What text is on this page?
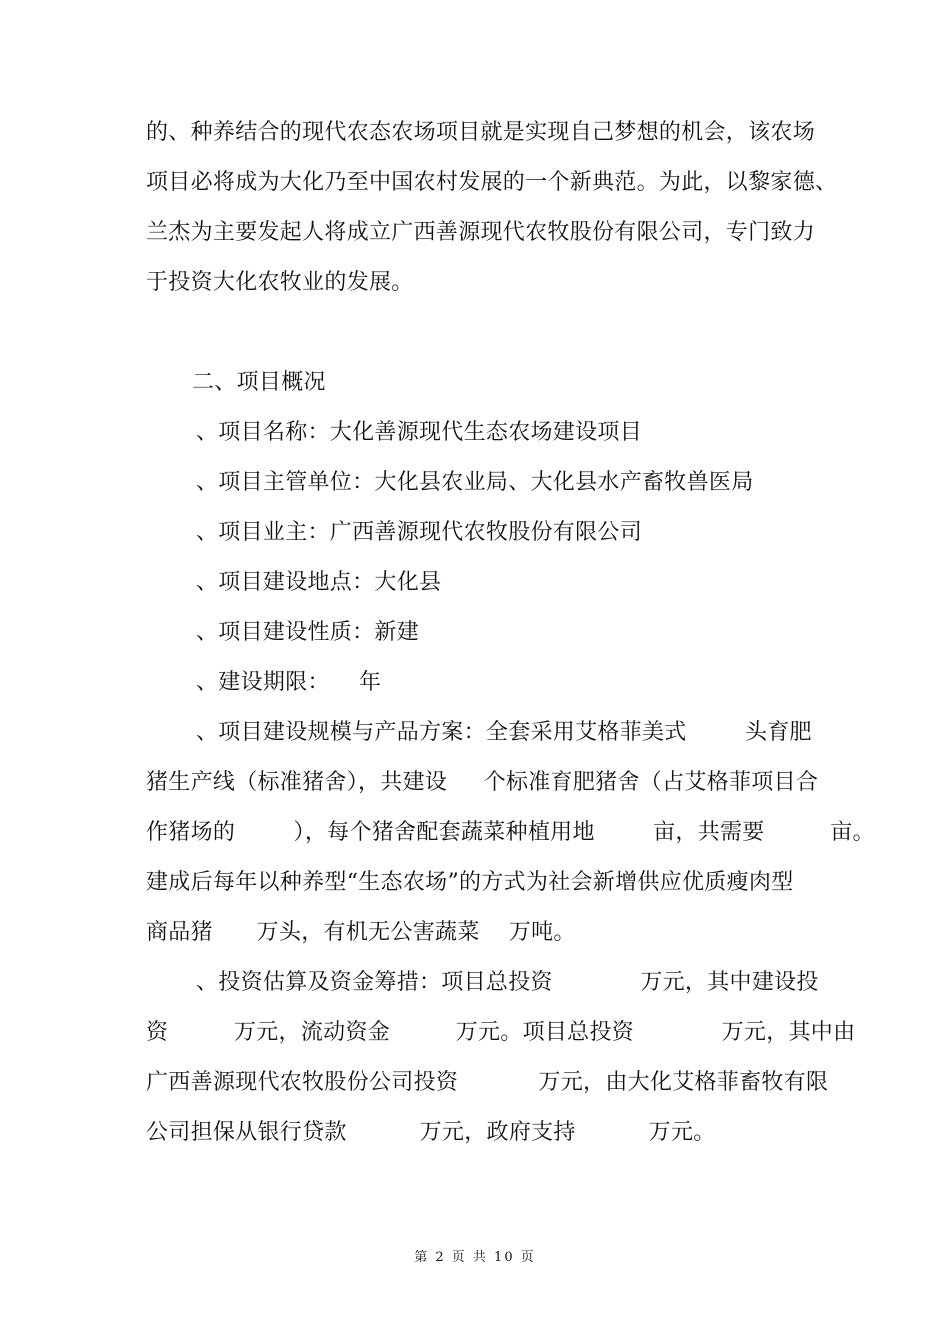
的、种养结合的现代农态农场项目就是实现自己梦想的机会，该农场
项目必将成为大化乃至中国农村发展的一个新典范。为此，以黎家德、
兰杰为主要发起人将成立广西善源现代农牧股份有限公司，专门致力
于投资大化农牧业的发展。
二、项目概况
、项目名称：大化善源现代生态农场建设项目
、项目主管单位：大化县农业局、大化县水产畜牧兽医局
、项目业主：广西善源现代农牧股份有限公司
、项目建设地点：大化县
、项目建设性质：新建
、建设期限：    年
、项目建设规模与产品方案：全套采用艾格菲美式        头育肥
猪生产线（标准猪舍），共建设     个标准育肥猪舍（占艾格菲项目合
作猪场的        ），每个猪舍配套蔬菜种植用地        亩，共需要         亩。
建成后每年以种养型“生态农场”的方式为社会新增供应优质瘦肉型
商品猪      万头，有机无公害蔬菜    万吨。
、投资估算及资金筹措：项目总投资            万元，其中建设投
资         万元，流动资金         万元。项目总投资            万元，其中由
广西善源现代农牧股份公司投资           万元，由大化艾格菲畜牧有限
公司担保从银行贷款          万元，政府支持          万元。
第 2 页 共 10 页
